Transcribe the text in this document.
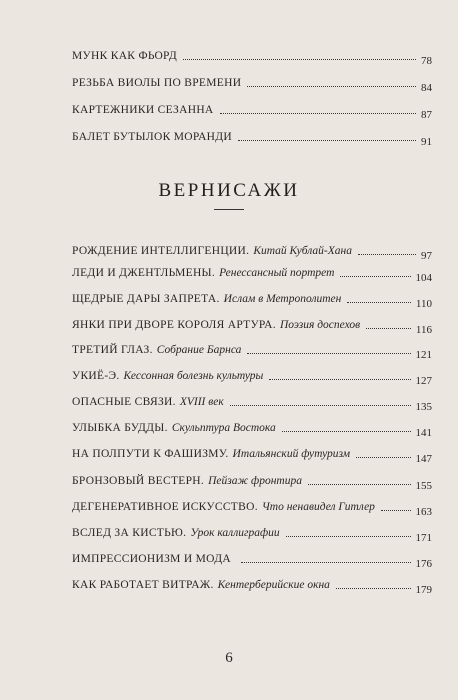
МУНК КАК ФЬОРД	78
РЕЗЬБА ВИОЛЫ ПО ВРЕМЕНИ	84
КАРТЕЖНИКИ СЕЗАННА	87
БАЛЕТ БУТЫЛОК МОРАНДИ	91
ВЕРНИСАЖИ
РОЖДЕНИЕ ИНТЕЛЛИГЕНЦИИ. Китай Кублай-Хана	97
ЛЕДИ И ДЖЕНТЛЬМЕНЫ. Ренессансный портрет	104
ЩЕДРЫЕ ДАРЫ ЗАПРЕТА. Ислам в Метрополитен	110
ЯНКИ ПРИ ДВОРЕ КОРОЛЯ АРТУРА. Поэзия доспехов	116
ТРЕТИЙ ГЛАЗ. Собрание Барнса	121
УКИЁ-Э. Кессонная болезнь культуры	127
ОПАСНЫЕ СВЯЗИ. XVIII век	135
УЛЫБКА БУДДЫ. Скульптура Востока	141
НА ПОЛПУТИ К ФАШИЗМУ. Итальянский футуризм	147
БРОНЗОВЫЙ ВЕСТЕРН. Пейзаж фронтира	155
ДЕГЕНЕРАТИВНОЕ ИСКУССТВО. Что ненавидел Гитлер	163
ВСЛЕД ЗА КИСТЬЮ. Урок каллиграфии	171
ИМПРЕССИОНИЗМ И МОДА	176
КАК РАБОТАЕТ ВИТРАЖ. Кентерберийские окна	179
6
